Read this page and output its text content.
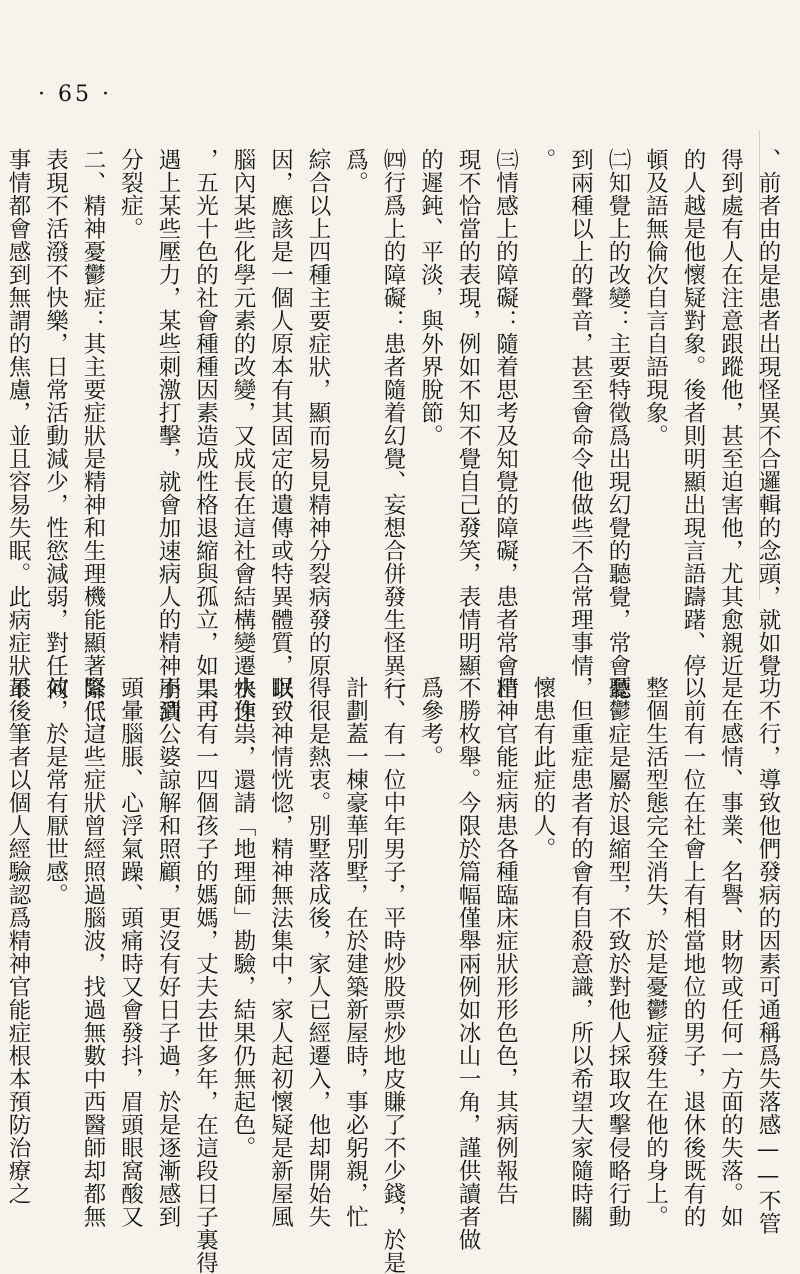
· 65 ·
、前者由的是患者出現怪異不合邏輯的念頭，就如覺
得到處有人在注意跟蹤他，甚至迫害他，尤其愈親近
的人越是他懷疑對象。後者則明顯出現言語躊躇、停
頓及語無倫次自言自語現象。
㈡知覺上的改變：主要特徵爲出現幻覺的聽覺，常會聽
到兩種以上的聲音，甚至會命令他做些不合常理事情
。
㈢情感上的障礙：隨着思考及知覺的障礙，患者常會出
現不恰當的表現，例如不知不覺自己發笑，表情明顯
的遲鈍、平淡，與外界脫節。
㈣行爲上的障礙：患者隨着幻覺、妄想合併發生怪異行
爲。
綜合以上四種主要症狀，顯而易見精神分裂病發的原
因，應該是一個人原本有其固定的遺傳或特異體質，以致
腦內某些化學元素的改變，又成長在這社會結構變遷快速
，五光十色的社會種種因素造成性格退縮與孤立，如果再
遇上某些壓力，某些刺激打擊，就會加速病人的精神崩潰
分裂症。
二、精神憂鬱症：其主要症狀是精神和生理機能顯著降低，
表現不活潑不快樂，日常活動減少，性慾減弱，對任何
事情都會感到無謂的焦慮，並且容易失眠。此病症狀不
功不行，導致他們發病的因素可通稱爲失落感——不管
是在感情、事業、名譽、財物或任何一方面的失落。如
以前有一位在社會上有相當地位的男子，退休後既有的
整個生活型態完全消失，於是憂鬱症發生在他的身上。
憂鬱症是屬於退縮型，不致於對他人採取攻擊侵略行動
，但重症患者有的會有自殺意識，所以希望大家隨時關
懷患有此症的人。
精神官能症病患各種臨床症狀形形色色，其病例報告
不勝枚舉。今限於篇幅僅舉兩例如冰山一角，謹供讀者做
爲參考。
一、有一位中年男子，平時炒股票炒地皮賺了不少錢，於是
計劃蓋一棟豪華別墅，在於建築新屋時，事必躬親，忙
得很是熱衷。別墅落成後，家人已經遷入，他却開始失
眠，神情恍惚，精神無法集中，家人起初懷疑是新屋風
水作祟，還請「地理師」勘驗，結果仍無起色。
二、有一四個孩子的媽媽，丈夫去世多年，在這段日子裏得
不到公婆諒解和照顧，更沒有好日子過，於是逐漸感到
頭暈腦脹、心浮氣躁、頭痛時又會發抖，眉頭眼窩酸又
緊，這些症狀曾經照過腦波，找過無數中西醫師却都無
效，於是常有厭世感。
最後筆者以個人經驗認爲精神官能症根本預防治療之
